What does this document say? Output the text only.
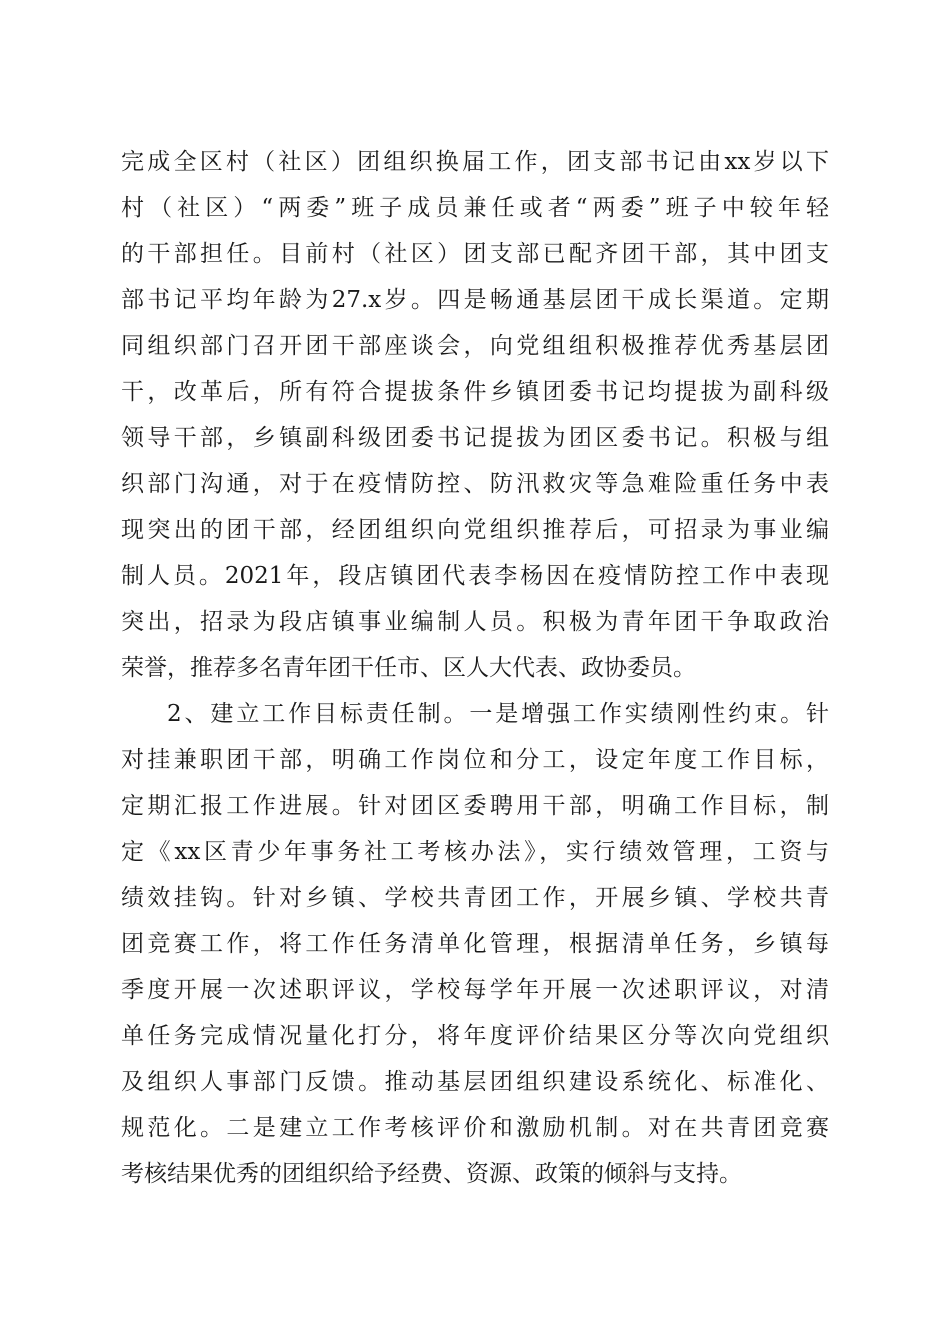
完成全区村（社区）团组织换届工作，团支部书记由xx岁以下
村（社区）“两委”班子成员兼任或者“两委”班子中较年轻
的干部担任。目前村（社区）团支部已配齐团干部，其中团支
部书记平均年龄为27.x岁。四是畅通基层团干成长渠道。定期
同组织部门召开团干部座谈会，向党组组积极推荐优秀基层团
干，改革后，所有符合提拔条件乡镇团委书记均提拔为副科级
领导干部，乡镇副科级团委书记提拔为团区委书记。积极与组
织部门沟通，对于在疫情防控、防汛救灾等急难险重任务中表
现突出的团干部，经团组织向党组织推荐后，可招录为事业编
制人员。2021年，段店镇团代表李杨因在疫情防控工作中表现
突出，招录为段店镇事业编制人员。积极为青年团干争取政治
荣誉，推荐多名青年团干任市、区人大代表、政协委员。
2、建立工作目标责任制。一是增强工作实绩刚性约束。针
对挂兼职团干部，明确工作岗位和分工，设定年度工作目标，
定期汇报工作进展。针对团区委聘用干部，明确工作目标，制
定《xx区青少年事务社工考核办法》，实行绩效管理，工资与
绩效挂钩。针对乡镇、学校共青团工作，开展乡镇、学校共青
团竞赛工作，将工作任务清单化管理，根据清单任务，乡镇每
季度开展一次述职评议，学校每学年开展一次述职评议，对清
单任务完成情况量化打分，将年度评价结果区分等次向党组织
及组织人事部门反馈。推动基层团组织建设系统化、标准化、
规范化。二是建立工作考核评价和激励机制。对在共青团竞赛
考核结果优秀的团组织给予经费、资源、政策的倾斜与支持。
